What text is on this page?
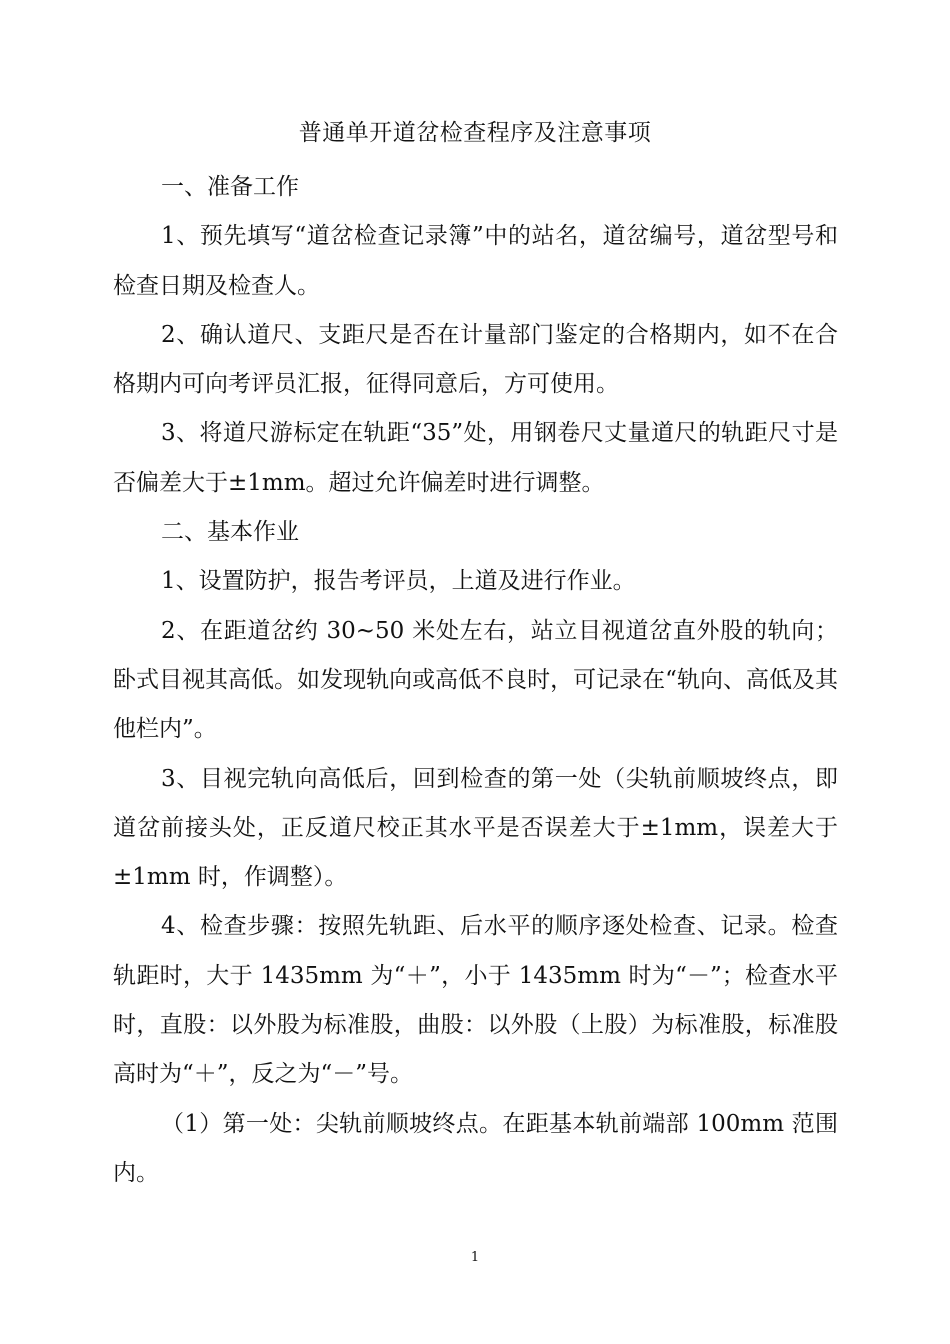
普通单开道岔检查程序及注意事项

一、准备工作

1、预先填写“道岔检查记录簿”中的站名，道岔编号，道岔型号和检查日期及检查人。

2、确认道尺、支距尺是否在计量部门鉴定的合格期内，如不在合格期内可向考评员汇报，征得同意后，方可使用。

3、将道尺游标定在轨距“35”处，用钢卷尺丈量道尺的轨距尺寸是否偏差大于±1mm。超过允许偏差时进行调整。

二、基本作业

1、设置防护，报告考评员，上道及进行作业。

2、在距道岔约 30~50 米处左右，站立目视道岔直外股的轨向；卧式目视其高低。如发现轨向或高低不良时，可记录在“轨向、高低及其他栏内”。

3、目视完轨向高低后，回到检查的第一处（尖轨前顺坡终点，即道岔前接头处，正反道尺校正其水平是否误差大于±1mm，误差大于±1mm 时，作调整）。

4、检查步骤：按照先轨距、后水平的顺序逐处检查、记录。检查轨距时，大于 1435mm 为“＋”，小于 1435mm 时为“－”；检查水平时，直股：以外股为标准股，曲股：以外股（上股）为标准股，标准股高时为“＋”，反之为“－”号。

（1）第一处：尖轨前顺坡终点。在距基本轨前端部 100mm 范围内。

1
